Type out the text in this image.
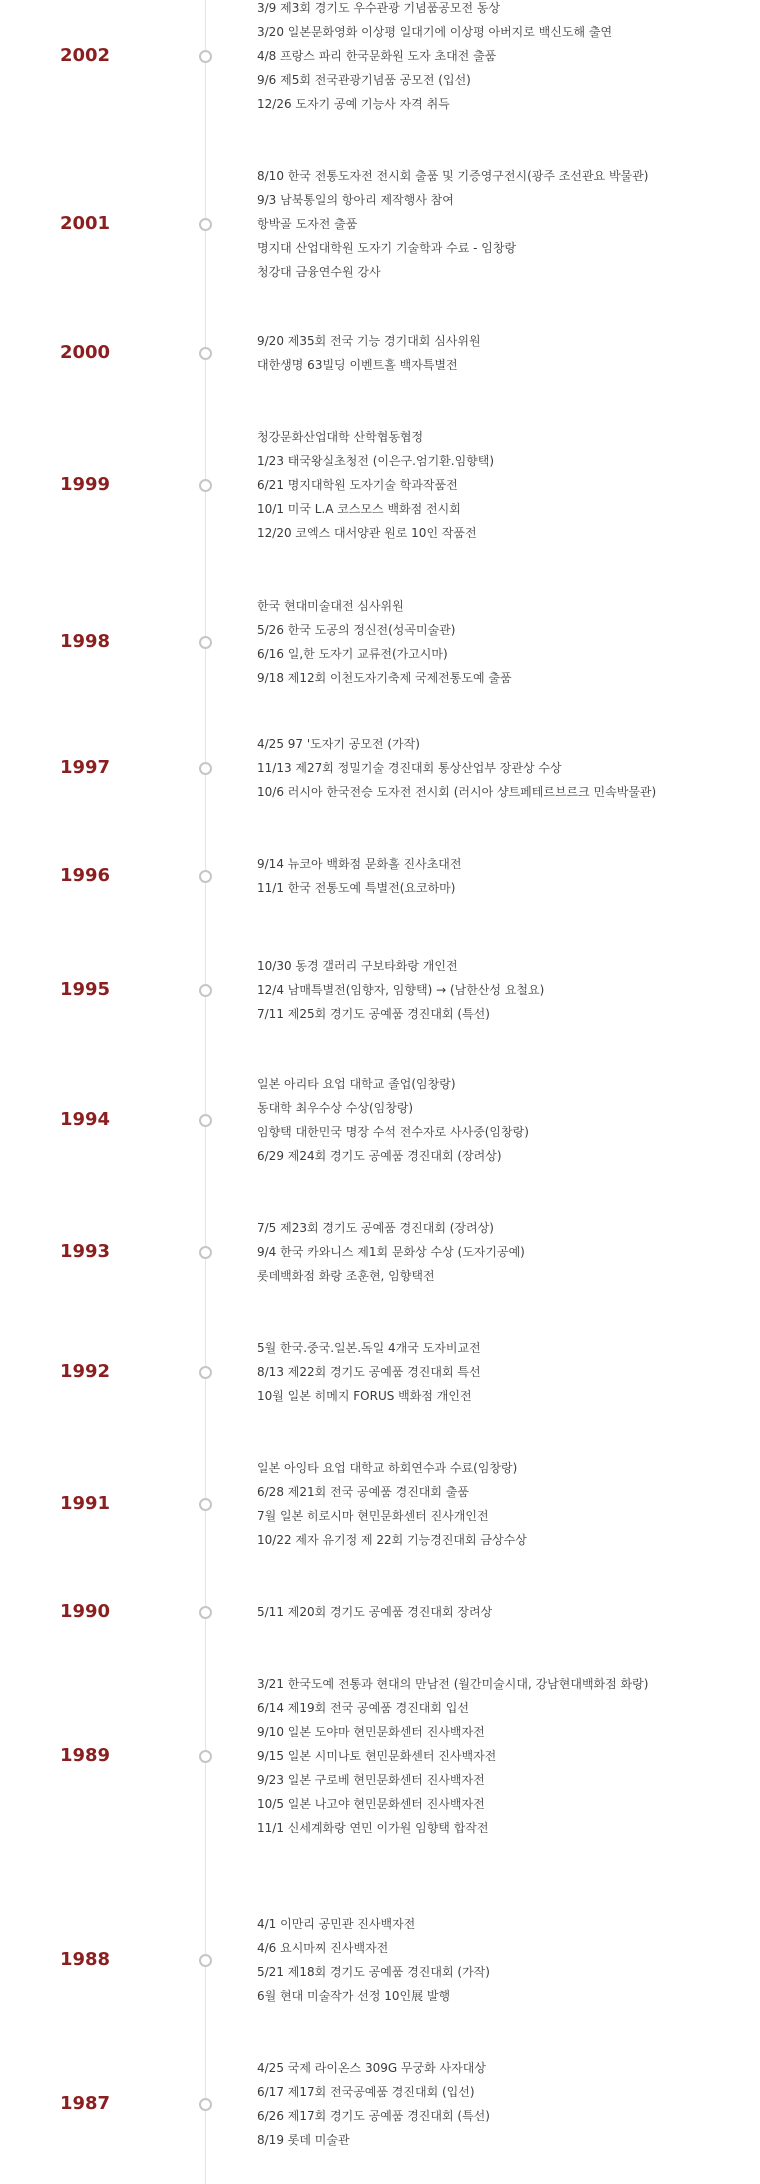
2002
3/9 제3회 경기도 우수관광 기념품공모전 동상
3/20 일본문화영화 이상평 일대기에 이상평 아버지로 백신도해 출연
4/8 프랑스 파리 한국문화원 도자 초대전 출품
9/6 제5회 전국관광기념품 공모전 (입선)
12/26 도자기 공예 기능사 자격 취득
2001
8/10 한국 전통도자전 전시회 출품 및 기증영구전시(광주 조선관요 박물관)
9/3 남북통일의 항아리 제작행사 참여
항박골 도자전 출품
명지대 산업대학원 도자기 기술학과 수료 - 임창랑
청강대 금융연수원 강사
2000
9/20 제35회 전국 기능 경기대회 심사위원
대한생명 63빌딩 이벤트홀 백자특별전
1999
청강문화산업대학 산학협동협정
1/23 태국왕실초청전 (이은구.엄기환.임향택)
6/21 명지대학원 도자기술 학과작품전
10/1 미국 L.A 코스모스 백화점 전시회
12/20 코엑스 대서양관 원로 10인 작품전
1998
한국 현대미술대전 심사위원
5/26 한국 도공의 정신전(성곡미술관)
6/16 일,한 도자기 교류전(가고시마)
9/18 제12회 이천도자기축제 국제전통도예 출품
1997
4/25 97 '도자기 공모전 (가작)
11/13 제27회 정밀기술 경진대회 통상산업부 장관상 수상
10/6 러시아 한국전승 도자전 전시회 (러시아 샹트페테르브르크 민속박물관)
1996
9/14 뉴코아 백화점 문화홀 진사초대전
11/1 한국 전통도예 특별전(요코하마)
1995
10/30 동경 갤러리 구보타화랑 개인전
12/4 남매특별전(임향자, 임향택) → (남한산성 요철요)
7/11 제25회 경기도 공예품 경진대회 (특선)
1994
일본 아리타 요업 대학교 졸업(임창랑)
동대학 최우수상 수상(임창랑)
임향택 대한민국 명장 수석 전수자로 사사중(임창랑)
6/29 제24회 경기도 공예품 경진대회 (장려상)
1993
7/5 제23회 경기도 공예품 경진대회 (장려상)
9/4 한국 카와니스 제1회 문화상 수상 (도자기공예)
롯데백화점 화랑 조훈현, 임향택전
1992
5월 한국.중국.일본.독일 4개국 도자비교전
8/13 제22회 경기도 공예품 경진대회 특선
10월 일본 히메지 FORUS 백화점 개인전
1991
일본 아잉타 요업 대학교 하회연수과 수료(임창랑)
6/28 제21회 전국 공예품 경진대회 출품
7월 일본 히로시마 현민문화센터 진사개인전
10/22 제자 유기정 제 22회 기능경진대회 금상수상
1990	5/11 제20회 경기도 공예품 경진대회 장려상
1989
3/21 한국도예 전통과 현대의 만남전 (월간미술시대, 강남현대백화점 화랑)
6/14 제19회 전국 공예품 경진대회 입선
9/10 일본 도야마 현민문화센터 진사백자전
9/15 일본 시미나토 현민문화센터 진사백자전
9/23 일본 구로베 현민문화센터 진사백자전
10/5 일본 나고야 현민문화센터 진사백자전
11/1 신세계화랑 연민 이가원 임향택 합작전
1988
4/1 이만리 공민관 진사백자전
4/6 요시마찌 진사백자전
5/21 제18회 경기도 공예품 경진대회 (가작)
6월 현대 미술작가 선정 10인展 발행
1987
4/25 국제 라이온스 309G 무궁화 사자대상
6/17 제17회 전국공예품 경진대회 (입선)
6/26 제17회 경기도 공예품 경진대회 (특선)
8/19 롯데 미술관
